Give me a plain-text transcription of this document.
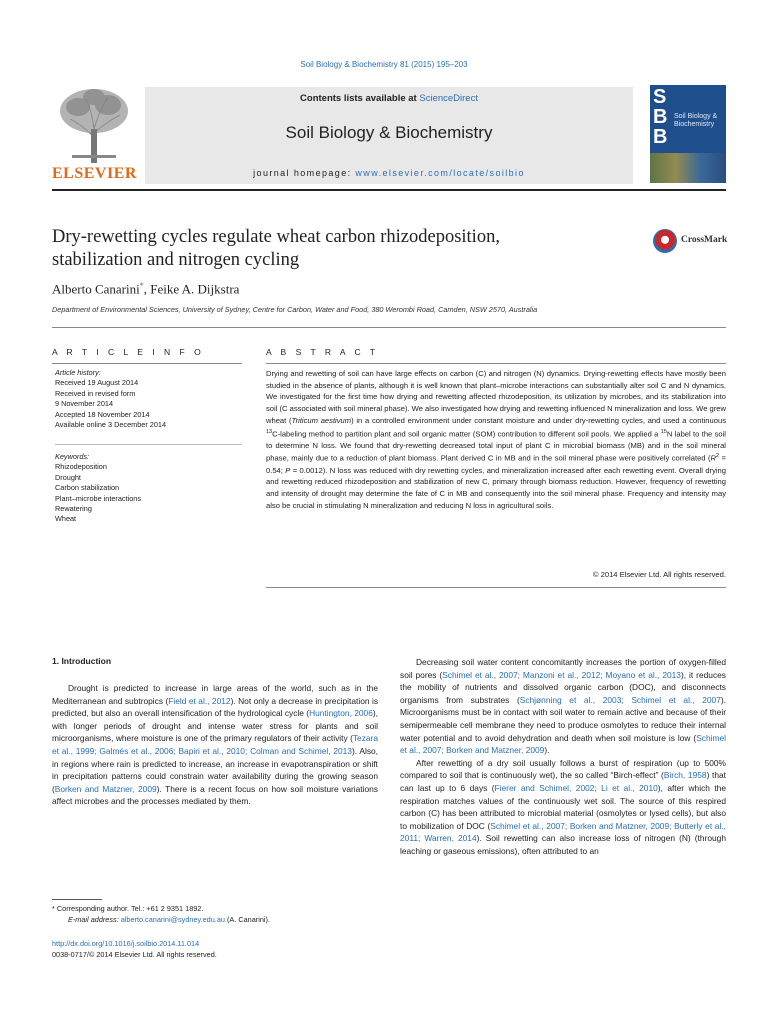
Soil Biology & Biochemistry 81 (2015) 195–203
ELSEVIER
Contents lists available at ScienceDirect
Soil Biology & Biochemistry
journal homepage: www.elsevier.com/locate/soilbio
S
B
B
Soil Biology & Biochemistry
Dry-rewetting cycles regulate wheat carbon rhizodeposition,
stabilization and nitrogen cycling
CrossMark
Alberto Canarini*, Feike A. Dijkstra
Department of Environmental Sciences, University of Sydney, Centre for Carbon, Water and Food, 380 Werombi Road, Camden, NSW 2570, Australia
A R T I C L E I N F O	A B S T R A C T
Article history:
Received 19 August 2014
Received in revised form
9 November 2014
Accepted 18 November 2014
Available online 3 December 2014
Keywords:
Rhizodeposition
Drought
Carbon stabilization
Plant–microbe interactions
Rewatering
Wheat
Drying and rewetting of soil can have large effects on carbon (C) and nitrogen (N) dynamics. Drying-rewetting effects have mostly been studied in the absence of plants, although it is well known that plant–microbe interactions can substantially alter soil C and N dynamics. We investigated for the first time how drying and rewetting affected rhizodeposition, its utilization by microbes, and its stabilization into soil (C associated with soil mineral phase). We also investigated how drying and rewetting influenced N mineralization and loss. We grew wheat (Triticum aestivum) in a controlled environment under constant moisture and under dry-rewetting cycles, and used a continuous $^{13}$C-labeling method to partition plant and soil organic matter (SOM) contribution to different soil pools. We applied a $^{15}$N label to the soil to determine N loss. We found that dry-rewetting decreased total input of plant C in microbial biomass (MB) and in the soil mineral phase, mainly due to a reduction of plant biomass. Plant derived C in MB and in the soil mineral phase were positively correlated ($R^2 = 0.54$; P = 0.0012). N loss was reduced with dry rewetting cycles, and mineralization increased after each rewetting event. Overall drying and rewetting reduced rhizodeposition and stabilization of new C, primary through biomass reduction. However, frequency of rewetting and intensity of drought may determine the fate of C in MB and consequently into the soil mineral phase. Frequency and intensity may also be crucial in stimulating N mineralization and reducing N loss in agricultural soils.
© 2014 Elsevier Ltd. All rights reserved.
1. Introduction

Drought is predicted to increase in large areas of the world, such as in the Mediterranean and subtropics (Field et al., 2012). Not only a decrease in precipitation is predicted, but also an overall intensification of the hydrological cycle (Huntington, 2006), with longer periods of drought and intense water stress for plants and soil microorganisms, where moisture is one of the primary regulators of their activity (Tezara et al., 1999; Galmés et al., 2006; Bapiri et al., 2010; Colman and Schimel, 2013). Also, in regions where rain is predicted to increase, an increase in evapotranspiration or shift in precipitation patterns could constrain water availability during the growing season (Borken and Matzner, 2009). There is a recent focus on how soil moisture variations affect microbes and the processes mediated by them.

Decreasing soil water content concomitantly increases the portion of oxygen-filled soil pores (Schimel et al., 2007; Manzoni et al., 2012; Moyano et al., 2013), it reduces the mobility of nutrients and dissolved organic carbon (DOC), and disconnects organisms from substrates (Schjønning et al., 2003; Schimel et al., 2007). Microorganisms must be in contact with soil water to remain active and because of their semipermeable cell membrane they need to produce osmolytes to reduce their internal water potential and to avoid dehydration and death when soil moisture is low (Schimel et al., 2007; Borken and Matzner, 2009).

After rewetting of a dry soil usually follows a burst of respiration (up to 500% compared to soil that is continuously wet), the so called “Birch-effect” (Birch, 1958) that can last up to 6 days (Fierer and Schimel, 2002; Li et al., 2010), after which the respiration matches values of the continuously wet soil. The source of this respired carbon (C) has been attributed to microbial material (osmolytes or lysed cells), but also to mobilization of DOC (Schimel et al., 2007; Borken and Matzner, 2009; Butterly et al., 2011; Warren, 2014). Soil rewetting can also increase loss of nitrogen (N) (through leaching or gaseous emissions), often attributed to an

* Corresponding author. Tel.: +61 2 9351 1892.
E-mail address: alberto.canarini@sydney.edu.au (A. Canarini).
http://dx.doi.org/10.1016/j.soilbio.2014.11.014
0038-0717/© 2014 Elsevier Ltd. All rights reserved.
